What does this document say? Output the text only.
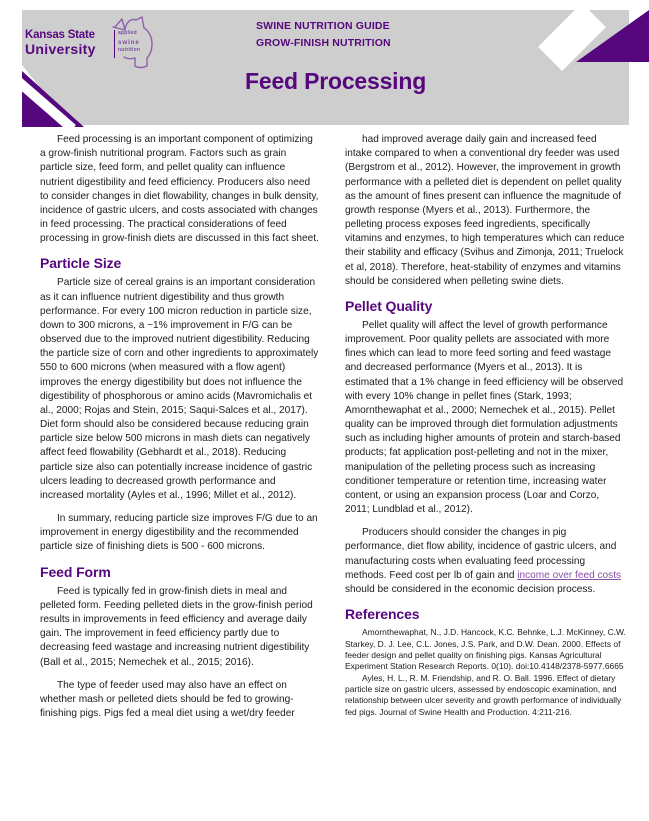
Kansas State
University
applied
swine
nutrition
SWINE NUTRITION GUIDE
GROW-FINISH NUTRITION
Feed Processing

Feed processing is an important component of optimizing a grow-finish nutritional program. Factors such as grain particle size, feed form, and pellet quality can influence nutrient digestibility and feed efficiency. Producers also need to consider changes in diet flowability, changes in bulk density, incidence of gastric ulcers, and costs associated with changes in feed processing. The practical considerations of feed processing in grow-finish diets are discussed in this fact sheet.

Particle Size

Particle size of cereal grains is an important consideration as it can influence nutrient digestibility and thus growth performance. For every 100 micron reduction in particle size, down to 300 microns, a ~1% improvement in F/G can be observed due to the improved nutrient digestibility. Reducing the particle size of corn and other ingredients to approximately 550 to 600 microns (when measured with a flow agent) improves the energy digestibility but does not influence the digestibility of phosphorous or amino acids (Mavromichalis et al., 2000; Rojas and Stein, 2015; Saqui-Salces et al., 2017). Diet form should also be considered because reducing grain particle size below 500 microns in mash diets can negatively affect feed flowability (Gebhardt et al., 2018). Reducing particle size also can potentially increase incidence of gastric ulcers leading to decreased growth performance and increased mortality (Ayles et al., 1996; Millet et al., 2012).

In summary, reducing particle size improves F/G due to an improvement in energy digestibility and the recommended particle size of finishing diets is 500 - 600 microns.

Feed Form

Feed is typically fed in grow-finish diets in meal and pelleted form. Feeding pelleted diets in the grow-finish period results in improvements in feed efficiency and average daily gain. The improvement in feed efficiency partly due to decreasing feed wastage and increasing nutrient digestibility (Ball et al., 2015; Nemechek et al., 2015; 2016).

The type of feeder used may also have an effect on whether mash or pelleted diets should be fed to growing-finishing pigs. Pigs fed a meal diet using a wet/dry feeder

had improved average daily gain and increased feed intake compared to when a conventional dry feeder was used (Bergstrom et al., 2012). However, the improvement in growth performance with a pelleted diet is dependent on pellet quality as the amount of fines present can influence the magnitude of growth response (Myers et al., 2013). Furthermore, the pelleting process exposes feed ingredients, specifically vitamins and enzymes, to high temperatures which can reduce their stability and efficacy (Svihus and Zimonja, 2011; Truelock et al, 2018). Therefore, heat-stability of enzymes and vitamins should be considered when pelleting swine diets.

Pellet Quality

Pellet quality will affect the level of growth performance improvement. Poor quality pellets are associated with more fines which can lead to more feed sorting and feed wastage and decreased performance (Myers et al., 2013). It is estimated that a 1% change in feed efficiency will be observed with every 10% change in pellet fines (Stark, 1993; Amornthewaphat et al., 2000; Nemechek et al., 2015). Pellet quality can be improved through diet formulation adjustments such as including higher amounts of protein and starch-based products; fat application post-pelleting and not in the mixer, manipulation of the pelleting process such as increasing conditioner temperature or retention time, increasing water content, or using an expansion process (Loar and Corzo, 2011; Lundblad et al., 2012).

Producers should consider the changes in pig performance, diet flow ability, incidence of gastric ulcers, and manufacturing costs when evaluating feed processing methods. Feed cost per lb of gain and income over feed costs should be considered in the economic decision process.

References

Amornthewaphat, N., J.D. Hancock, K.C. Behnke, L.J. McKinney, C.W. Starkey, D. J. Lee, C.L. Jones, J.S. Park, and D.W. Dean. 2000. Effects of feeder design and pellet quality on finishing pigs. Kansas Agricultural Experiment Station Research Reports. 0(10). doi:10.4148/2378-5977.6665

Ayles, H. L., R. M. Friendship, and R. O. Ball. 1996. Effect of dietary particle size on gastric ulcers, assessed by endoscopic examination, and relationship between ulcer severity and growth performance of individually fed pigs. Journal of Swine Health and Production. 4:211-216.
